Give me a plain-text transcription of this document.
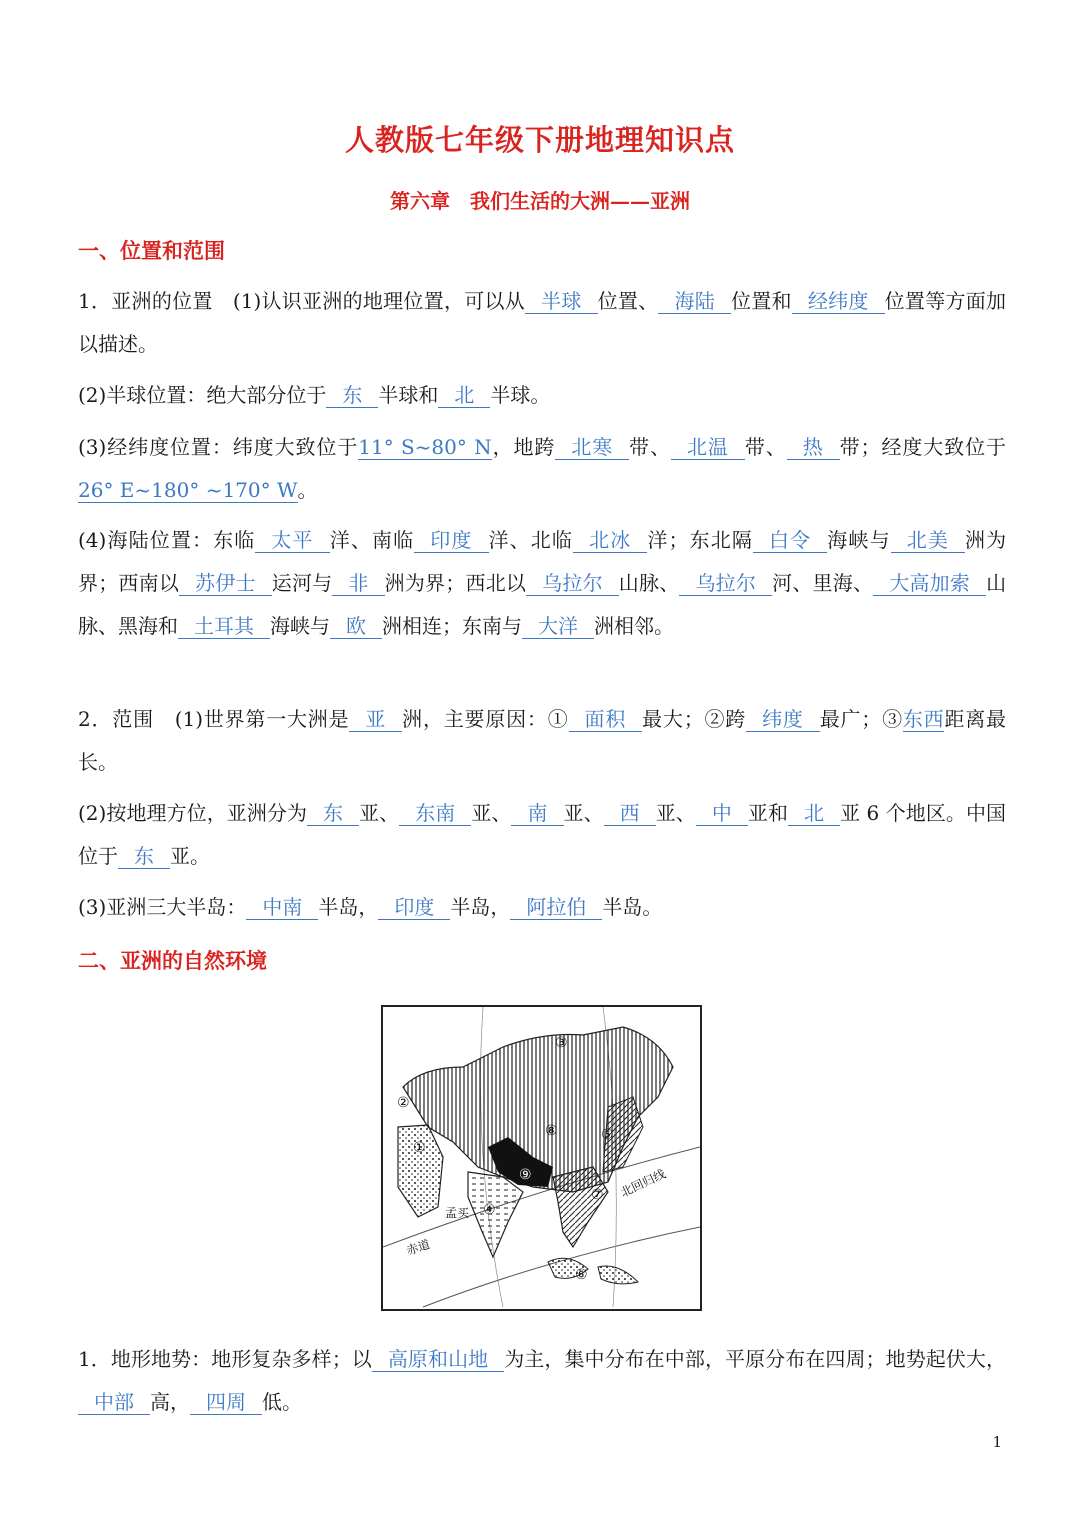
人教版七年级下册地理知识点
第六章　我们生活的大洲——亚洲
一、位置和范围
1．亚洲的位置　(1)认识亚洲的地理位置，可以从 半球 位置、 海陆 位置和 经纬度 位置等方面加以描述。
(2)半球位置：绝大部分位于 东 半球和 北 半球。
(3)经纬度位置：纬度大致位于11° S~80° N，地跨 北寒 带、 北温 带、 热 带；经度大致位于26° E~180° ~170° W。
(4)海陆位置：东临 太平 洋、南临 印度 洋、北临 北冰 洋；东北隔 白令 海峡与 北美 洲为界；西南以 苏伊士 运河与 非 洲为界；西北以 乌拉尔 山脉、 乌拉尔 河、里海、 大高加索 山脉、黑海和 土耳其 海峡与 欧 洲相连；东南与 大洋 洲相邻。
2．范围　(1)世界第一大洲是 亚 洲，主要原因：① 面积 最大；②跨 纬度 最广；③东西距离最长。
(2)按地理方位，亚洲分为 东 亚、 东南 亚、 南 亚、 西 亚、 中 亚和 北 亚 6 个地区。中国位于 东 亚。
(3)亚洲三大半岛： 中南 半岛， 印度 半岛， 阿拉伯 半岛。
二、亚洲的自然环境
①
②
③
④
⑤
⑥
⑦
⑧
⑨
孟买
北回归线
赤道
1．地形地势：地形复杂多样；以 高原和山地 为主，集中分布在中部，平原分布在四周；地势起伏大，中部 高， 四周 低。
1
